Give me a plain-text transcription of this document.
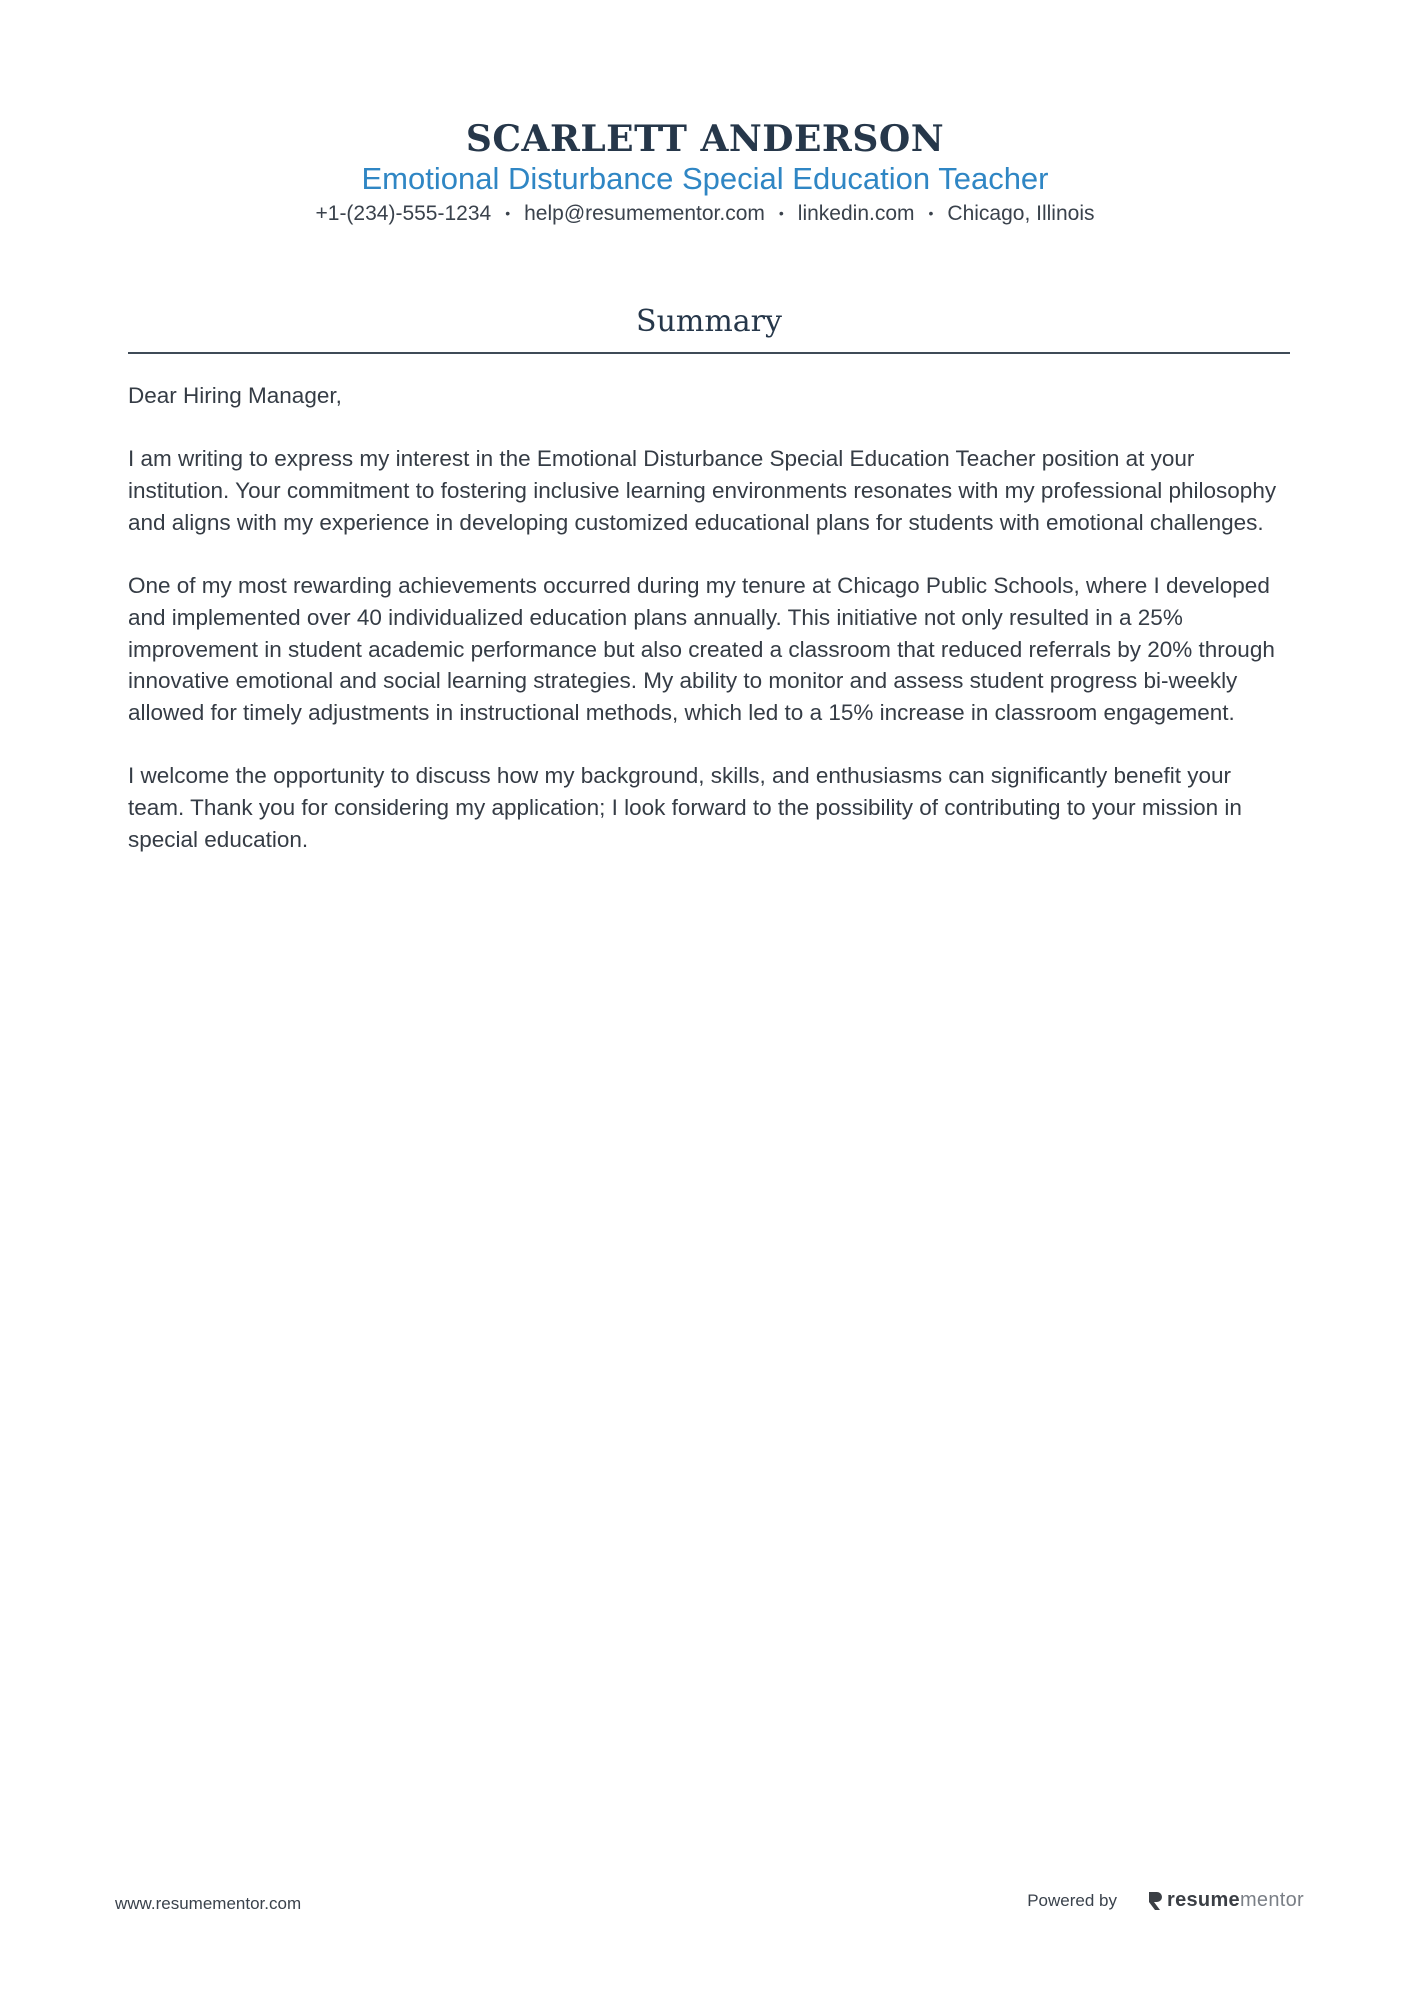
SCARLETT ANDERSON
Emotional Disturbance Special Education Teacher
+1-(234)-555-1234 • help@resumementor.com • linkedin.com • Chicago, Illinois
Summary

Dear Hiring Manager,

I am writing to express my interest in the Emotional Disturbance Special Education Teacher position at your institution. Your commitment to fostering inclusive learning environments resonates with my professional philosophy and aligns with my experience in developing customized educational plans for students with emotional challenges.

One of my most rewarding achievements occurred during my tenure at Chicago Public Schools, where I developed and implemented over 40 individualized education plans annually. This initiative not only resulted in a 25% improvement in student academic performance but also created a classroom that reduced referrals by 20% through innovative emotional and social learning strategies. My ability to monitor and assess student progress bi-weekly allowed for timely adjustments in instructional methods, which led to a 15% increase in classroom engagement.

I welcome the opportunity to discuss how my background, skills, and enthusiasms can significantly benefit your team. Thank you for considering my application; I look forward to the possibility of contributing to your mission in special education.

www.resumementor.com	Powered by	resume mentor
